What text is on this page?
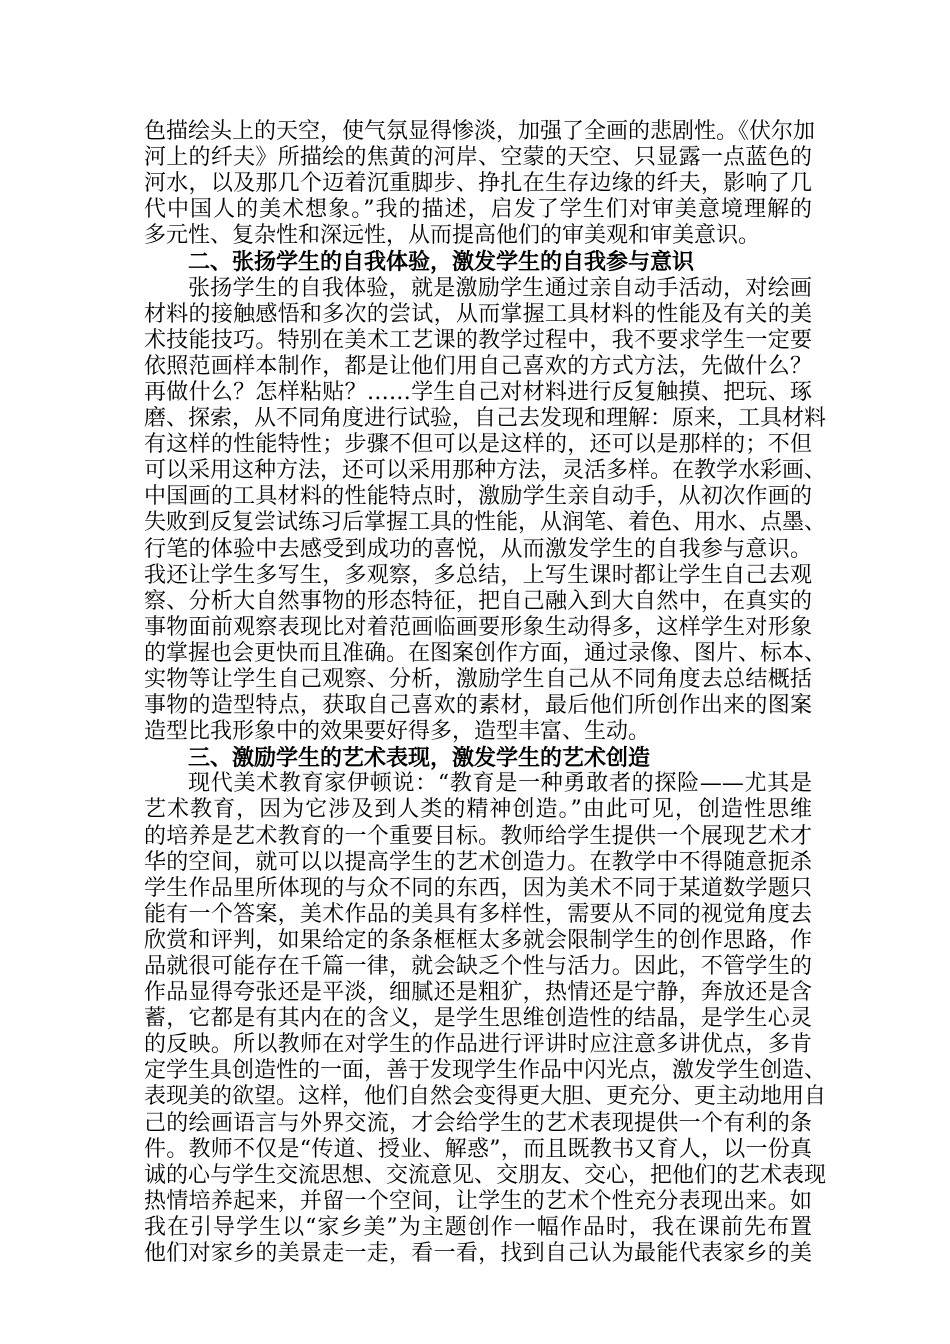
色描绘头上的天空，使气氛显得惨淡，加强了全画的悲剧性。《伏尔加
河上的纤夫》所描绘的焦黄的河岸、空蒙的天空、只显露一点蓝色的
河水，以及那几个迈着沉重脚步、挣扎在生存边缘的纤夫，影响了几
代中国人的美术想象。”我的描述，启发了学生们对审美意境理解的
多元性、复杂性和深远性，从而提高他们的审美观和审美意识。
二、张扬学生的自我体验，激发学生的自我参与意识
张扬学生的自我体验，就是激励学生通过亲自动手活动，对绘画
材料的接触感悟和多次的尝试，从而掌握工具材料的性能及有关的美
术技能技巧。特别在美术工艺课的教学过程中，我不要求学生一定要
依照范画样本制作，都是让他们用自己喜欢的方式方法，先做什么？
再做什么？怎样粘贴？……学生自己对材料进行反复触摸、把玩、琢
磨、探索，从不同角度进行试验，自己去发现和理解：原来，工具材料
有这样的性能特性；步骤不但可以是这样的，还可以是那样的；不但
可以采用这种方法，还可以采用那种方法，灵活多样。在教学水彩画、
中国画的工具材料的性能特点时，激励学生亲自动手，从初次作画的
失败到反复尝试练习后掌握工具的性能，从润笔、着色、用水、点墨、
行笔的体验中去感受到成功的喜悦，从而激发学生的自我参与意识。
我还让学生多写生，多观察，多总结，上写生课时都让学生自己去观
察、分析大自然事物的形态特征，把自己融入到大自然中，在真实的
事物面前观察表现比对着范画临画要形象生动得多，这样学生对形象
的掌握也会更快而且准确。在图案创作方面，通过录像、图片、标本、
实物等让学生自己观察、分析，激励学生自己从不同角度去总结概括
事物的造型特点，获取自己喜欢的素材，最后他们所创作出来的图案
造型比我形象中的效果要好得多，造型丰富、生动。
三、激励学生的艺术表现，激发学生的艺术创造
现代美术教育家伊顿说：“教育是一种勇敢者的探险——尤其是
艺术教育，因为它涉及到人类的精神创造。”由此可见，创造性思维
的培养是艺术教育的一个重要目标。教师给学生提供一个展现艺术才
华的空间，就可以以提高学生的艺术创造力。在教学中不得随意扼杀
学生作品里所体现的与众不同的东西，因为美术不同于某道数学题只
能有一个答案，美术作品的美具有多样性，需要从不同的视觉角度去
欣赏和评判，如果给定的条条框框太多就会限制学生的创作思路，作
品就很可能存在千篇一律，就会缺乏个性与活力。因此，不管学生的
作品显得夸张还是平淡，细腻还是粗犷，热情还是宁静，奔放还是含
蓄，它都是有其内在的含义，是学生思维创造性的结晶，是学生心灵
的反映。所以教师在对学生的作品进行评讲时应注意多讲优点，多肯
定学生具创造性的一面，善于发现学生作品中闪光点，激发学生创造、
表现美的欲望。这样，他们自然会变得更大胆、更充分、更主动地用自
己的绘画语言与外界交流，才会给学生的艺术表现提供一个有利的条
件。教师不仅是“传道、授业、解惑”，而且既教书又育人，以一份真
诚的心与学生交流思想、交流意见、交朋友、交心，把他们的艺术表现
热情培养起来，并留一个空间，让学生的艺术个性充分表现出来。如
我在引导学生以“家乡美”为主题创作一幅作品时，我在课前先布置
他们对家乡的美景走一走，看一看，找到自己认为最能代表家乡的美
